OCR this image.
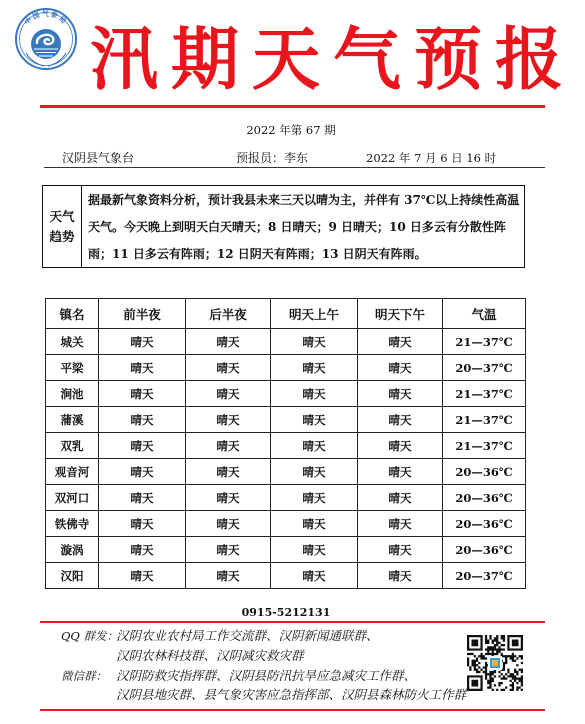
中国气象局 汛期天气预报
2022 年第 67 期
汉阴县气象台	预报员：李东	2022 年 7 月 6 日 16 时
天气
趋势
据最新气象资料分析，预计我县未来三天以晴为主，并伴有 37℃以上持续性高温
天气。今天晚上到明天白天晴天；8 日晴天；9 日晴天；10 日多云有分散性阵
雨；11 日多云有阵雨；12 日阴天有阵雨；13 日阴天有阵雨。
镇名	前半夜	后半夜	明天上午	明天下午	气温
城关	晴天	晴天	晴天	晴天	21—37℃
平梁	晴天	晴天	晴天	晴天	20—37℃
涧池	晴天	晴天	晴天	晴天	21—37℃
蒲溪	晴天	晴天	晴天	晴天	21—37℃
双乳	晴天	晴天	晴天	晴天	21—37℃
观音河	晴天	晴天	晴天	晴天	20—36℃
双河口	晴天	晴天	晴天	晴天	20—36℃
铁佛寺	晴天	晴天	晴天	晴天	20—36℃
漩涡	晴天	晴天	晴天	晴天	20—36℃
汉阳	晴天	晴天	晴天	晴天	20—37℃
0915-5212131
QQ 群发：
汉阴农业农村局工作交流群、汉阴新闻通联群、
汉阴农林科技群、汉阴减灾救灾群
微信群： 汉阴防救灾指挥群、汉阴县防汛抗旱应急减灾工作群、
汉阴县地灾群、县气象灾害应急指挥部、汉阴县森林防火工作群
